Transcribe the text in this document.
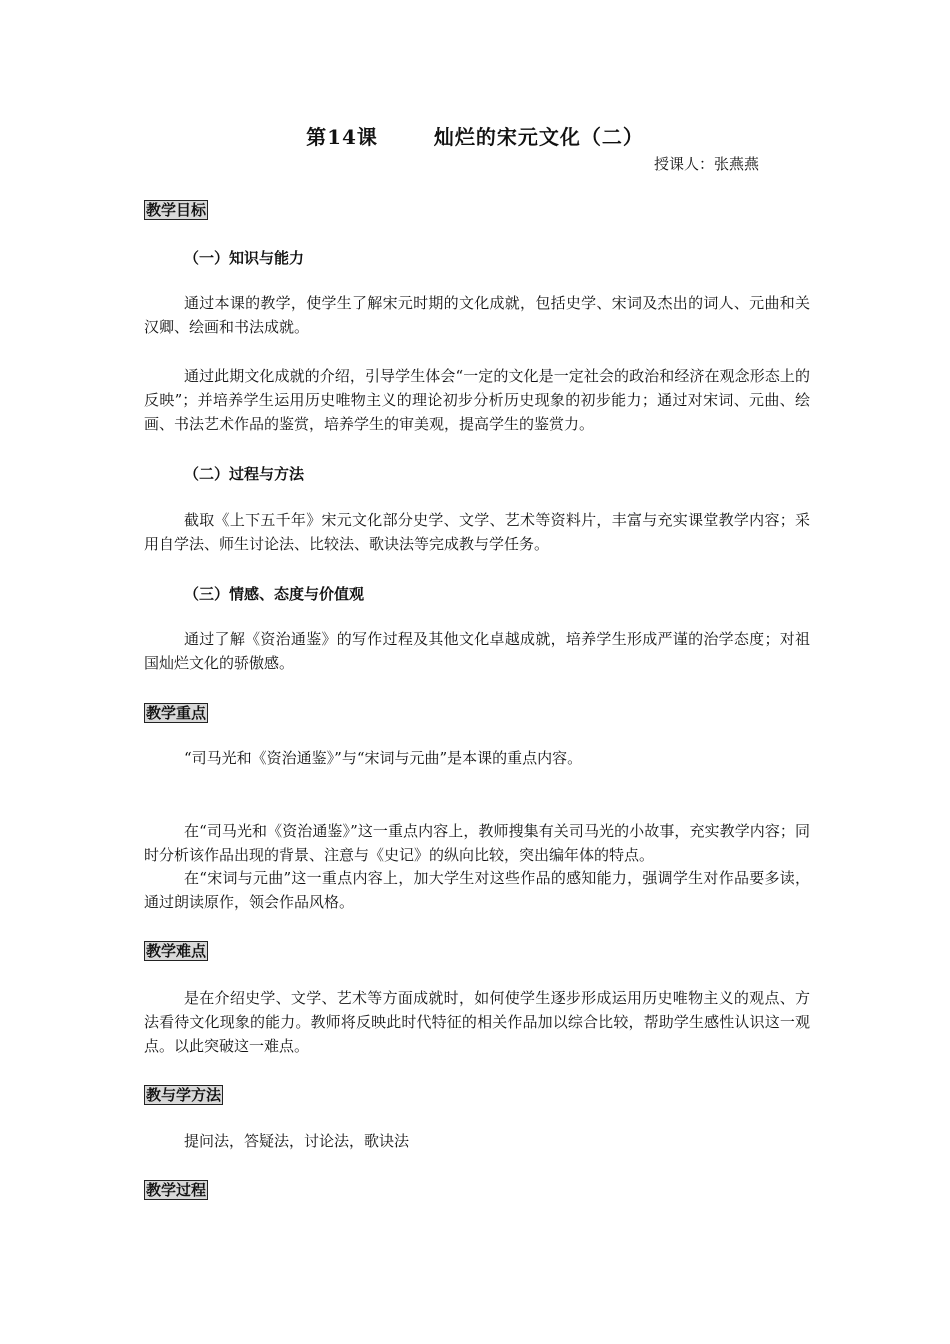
第14课	灿烂的宋元文化（二）
授课人：张燕燕
教学目标
（一）知识与能力
通过本课的教学，使学生了解宋元时期的文化成就，包括史学、宋词及杰出的词人、元曲和关汉卿、绘画和书法成就。
通过此期文化成就的介绍，引导学生体会“一定的文化是一定社会的政治和经济在观念形态上的反映”；并培养学生运用历史唯物主义的理论初步分析历史现象的初步能力；通过对宋词、元曲、绘画、书法艺术作品的鉴赏，培养学生的审美观，提高学生的鉴赏力。
（二）过程与方法
截取《上下五千年》宋元文化部分史学、文学、艺术等资料片，丰富与充实课堂教学内容；采用自学法、师生讨论法、比较法、歌诀法等完成教与学任务。
（三）情感、态度与价值观
通过了解《资治通鉴》的写作过程及其他文化卓越成就，培养学生形成严谨的治学态度；对祖国灿烂文化的骄傲感。
教学重点
“司马光和《资治通鉴》”与“宋词与元曲”是本课的重点内容。
在“司马光和《资治通鉴》”这一重点内容上，教师搜集有关司马光的小故事，充实教学内容；同时分析该作品出现的背景、注意与《史记》的纵向比较，突出编年体的特点。
在“宋词与元曲”这一重点内容上，加大学生对这些作品的感知能力，强调学生对作品要多读，通过朗读原作，领会作品风格。
教学难点
是在介绍史学、文学、艺术等方面成就时，如何使学生逐步形成运用历史唯物主义的观点、方法看待文化现象的能力。教师将反映此时代特征的相关作品加以综合比较，帮助学生感性认识这一观点。以此突破这一难点。
教与学方法
提问法，答疑法，讨论法，歌诀法
教学过程
